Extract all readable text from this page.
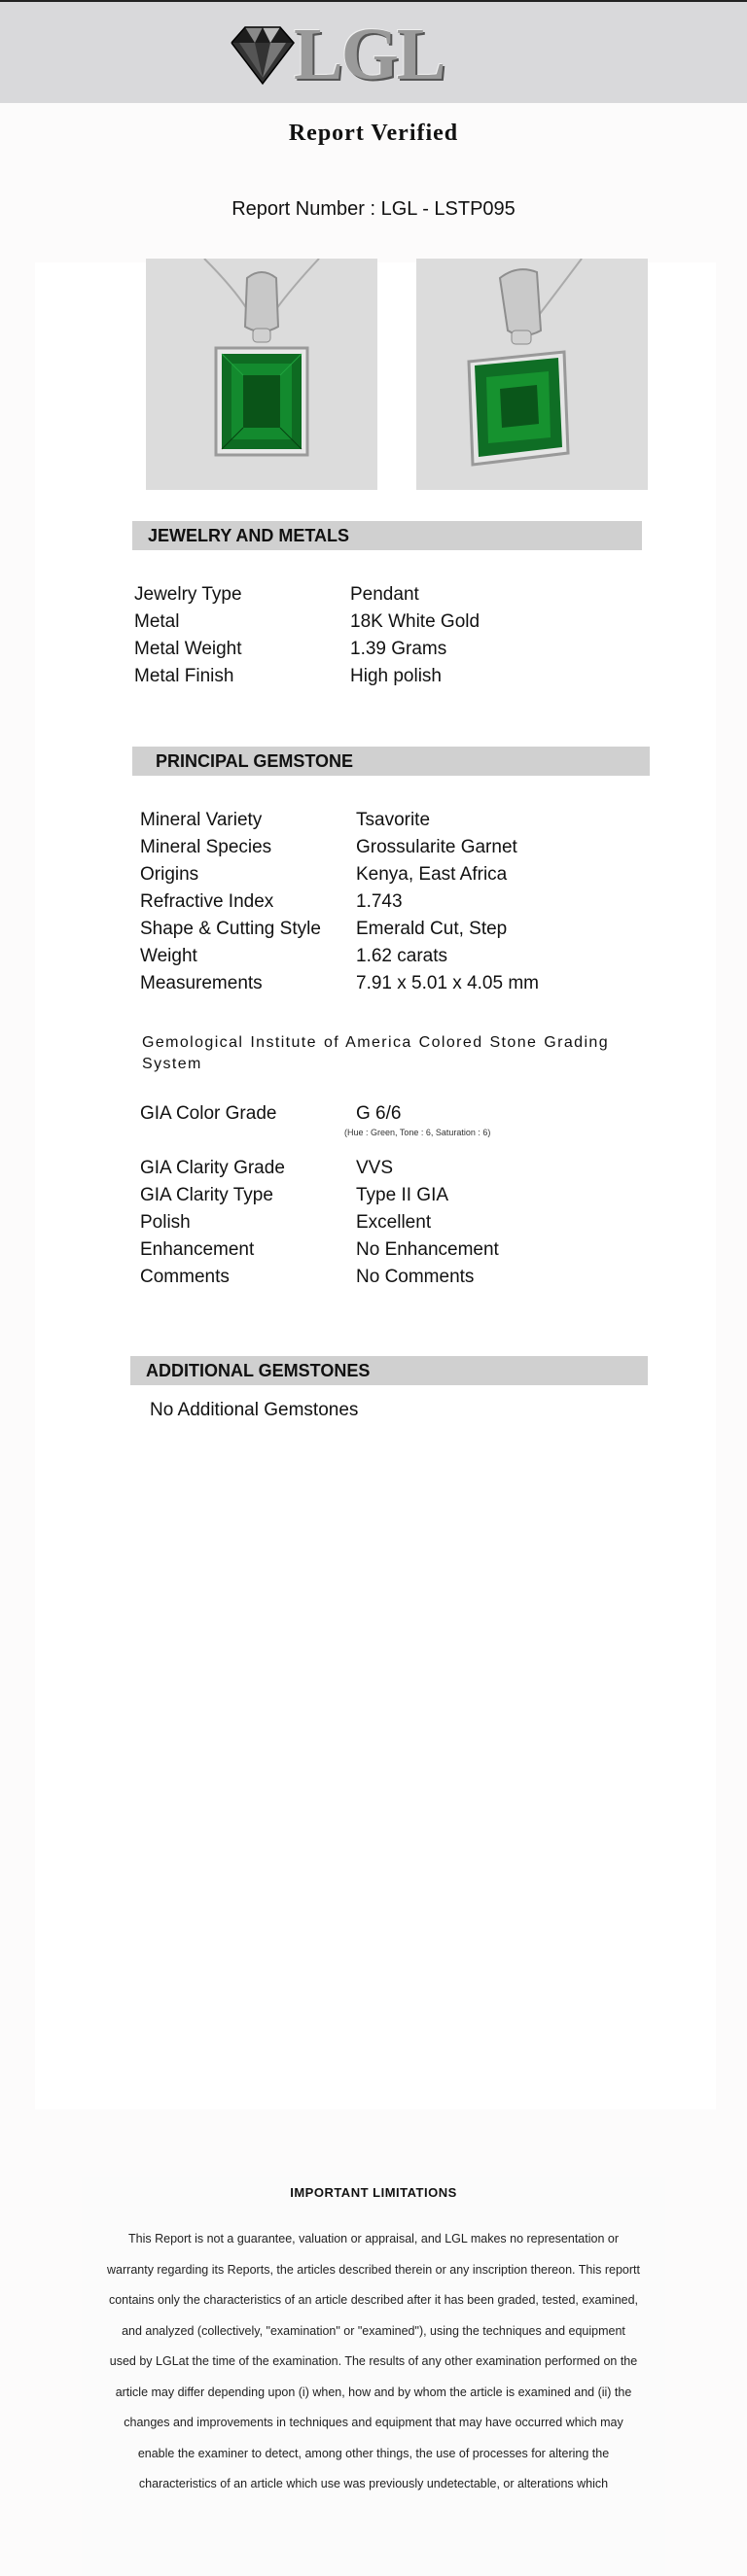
LGL
Report Verified
Report Number : LGL - LSTP095
JEWELRY AND METALS
Jewelry Type	Pendant
Metal	18K White Gold
Metal Weight	1.39 Grams
Metal Finish	High polish
PRINCIPAL GEMSTONE
Mineral Variety	Tsavorite
Mineral Species	Grossularite Garnet
Origins	Kenya, East Africa
Refractive Index	1.743
Shape & Cutting Style	Emerald Cut, Step
Weight	1.62 carats
Measurements	7.91 x 5.01 x 4.05 mm
Gemological Institute of America Colored Stone Grading System
GIA Color Grade	G 6/6
(Hue : Green, Tone : 6, Saturation : 6)
GIA Clarity Grade	VVS
GIA Clarity Type	Type II GIA
Polish	Excellent
Enhancement	No Enhancement
Comments	No Comments
ADDITIONAL GEMSTONES
No Additional Gemstones
IMPORTANT LIMITATIONS
This Report is not a guarantee, valuation or appraisal, and LGL makes no representation or warranty regarding its Reports, the articles described therein or any inscription thereon. This reportt contains only the characteristics of an article described after it has been graded, tested, examined, and analyzed (collectively, "examination" or "examined"), using the techniques and equipment used by LGLat the time of the examination. The results of any other examination performed on the article may differ depending upon (i) when, how and by whom the article is examined and (ii) the changes and improvements in techniques and equipment that may have occurred which may enable the examiner to detect, among other things, the use of processes for altering the characteristics of an article which use was previously undetectable, or alterations which
